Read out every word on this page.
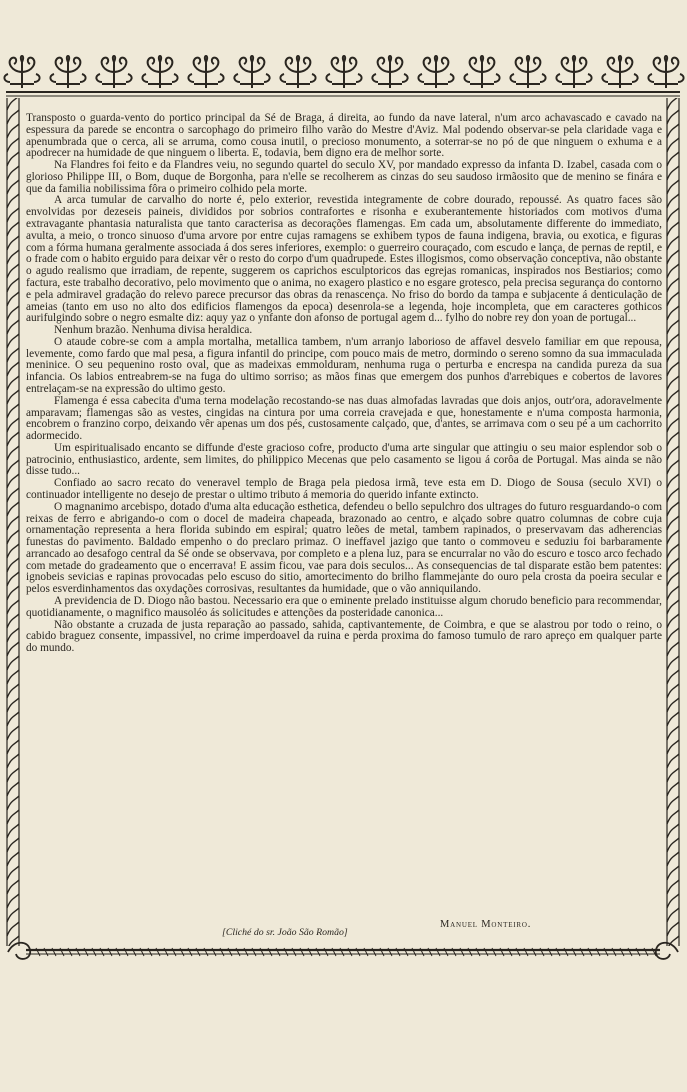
Transposto o guarda-vento do portico principal da Sé de Braga, á direita, ao fundo da nave lateral, n'um arco achavascado e cavado na espessura da parede se encontra o sarcophago do primeiro filho varão do Mestre d'Aviz. Mal podendo observar-se pela claridade vaga e apenumbrada que o cerca, ali se arruma, como cousa inutil, o precioso monumento, a soterrar-se no pó de que ninguem o exhuma e a apodrecer na humidade de que ninguem o liberta. E, todavia, bem digno era de melhor sorte.

Na Flandres foi feito e da Flandres veiu, no segundo quartel do seculo XV, por mandado expresso da infanta D. Izabel, casada com o glorioso Philippe III, o Bom, duque de Borgonha, para n'elle se recolherem as cinzas do seu saudoso irmãosito que de menino se finára e que da familia nobilissima fôra o primeiro colhido pela morte.

A arca tumular de carvalho do norte é, pelo exterior, revestida integramente de cobre dourado, repoussé. As quatro faces são envolvidas por dezeseis paineis, divididos por sobrios contrafortes e risonha e exuberantemente historiados com motivos d'uma extravagante phantasia naturalista que tanto caracterisa as decorações flamengas. Em cada um, absolutamente differente do immediato, avulta, a meio, o tronco sinuoso d'uma arvore por entre cujas ramagens se exhibem typos de fauna indigena, bravia, ou exotica, e figuras com a fórma humana geralmente associada á dos seres inferiores, exemplo: o guerreiro couraçado, com escudo e lança, de pernas de reptil, e o frade com o habito erguido para deixar vêr o resto do corpo d'um quadrupede. Estes illogismos, como observação conceptiva, não obstante o agudo realismo que irradiam, de repente, suggerem os caprichos esculptoricos das egrejas romanicas, inspirados nos Bestiarios; como factura, este trabalho decorativo, pelo movimento que o anima, no exagero plastico e no esgare grotesco, pela precisa segurança do contorno e pela admiravel gradação do relevo parece precursor das obras da renascença. No friso do bordo da tampa e subjacente á denticulação de ameias (tanto em uso no alto dos edificios flamengos da epoca) desenrola-se a legenda, hoje incompleta, que em caracteres gothicos aurifulgindo sobre o negro esmalte diz: aquy yaz o ynfante don afonso de portugal agem d... fylho do nobre rey don yoan de portugal...

Nenhum brazão. Nenhuma divisa heraldica.

O ataude cobre-se com a ampla mortalha, metallica tambem, n'um arranjo laborioso de affavel desvelo familiar em que repousa, levemente, como fardo que mal pesa, a figura infantil do principe, com pouco mais de metro, dormindo o sereno somno da sua immaculada meninice. O seu pequenino rosto oval, que as madeixas emmolduram, nenhuma ruga o perturba e encrespa na candida pureza da sua infancia. Os labios entreabrem-se na fuga do ultimo sorriso; as mãos finas que emergem dos punhos d'arrebiques e cobertos de lavores entrelaçam-se na expressão do ultimo gesto.

Flamenga é essa cabecita d'uma terna modelação recostando-se nas duas almofadas lavradas que dois anjos, outr'ora, adoravelmente amparavam; flamengas são as vestes, cingidas na cintura por uma correia cravejada e que, honestamente e n'uma composta harmonia, encobrem o franzino corpo, deixando vêr apenas um dos pés, custosamente calçado, que, d'antes, se arrimava com o seu pé a um cachorrito adormecido.

Um espiritualisado encanto se diffunde d'este gracioso cofre, producto d'uma arte singular que attingiu o seu maior esplendor sob o patrocinio, enthusiastico, ardente, sem limites, do philippico Mecenas que pelo casamento se ligou á corôa de Portugal. Mas ainda se não disse tudo...

Confiado ao sacro recato do veneravel templo de Braga pela piedosa irmã, teve esta em D. Diogo de Sousa (seculo XVI) o continuador intelligente no desejo de prestar o ultimo tributo á memoria do querido infante extincto.

O magnanimo arcebispo, dotado d'uma alta educação esthetica, defendeu o bello sepulchro dos ultrages do futuro resguardando-o com reixas de ferro e abrigando-o com o docel de madeira chapeada, brazonado ao centro, e alçado sobre quatro columnas de cobre cuja ornamentação representa a hera florida subindo em espiral; quatro leões de metal, tambem rapinados, o preservavam das adherencias funestas do pavimento. Baldado empenho o do preclaro primaz. O ineffavel jazigo que tanto o commoveu e seduziu foi barbaramente arrancado ao desafogo central da Sé onde se observava, por completo e a plena luz, para se encurralar no vão do escuro e tosco arco fechado com metade do gradeamento que o encerrava! E assim ficou, vae para dois seculos... As consequencias de tal disparate estão bem patentes: ignobeis sevicias e rapinas provocadas pelo escuso do sitio, amortecimento do brilho flammejante do ouro pela crosta da poeira secular e pelos esverdinhamentos das oxydações corrosivas, resultantes da humidade, que o vão anniquilando.

A previdencia de D. Diogo não bastou. Necessario era que o eminente prelado instituisse algum chorudo beneficio para recommendar, quotidianamente, o magnifico mausoléo ás solicitudes e attenções da posteridade canonica...

Não obstante a cruzada de justa reparação ao passado, sahida, captivantemente, de Coimbra, e que se alastrou por todo o reino, o cabido braguez consente, impassivel, no crime imperdoavel da ruina e perda proxima do famoso tumulo de raro apreço em qualquer parte do mundo.

Manuel Monteiro.
[Cliché do sr. João São Romão]
